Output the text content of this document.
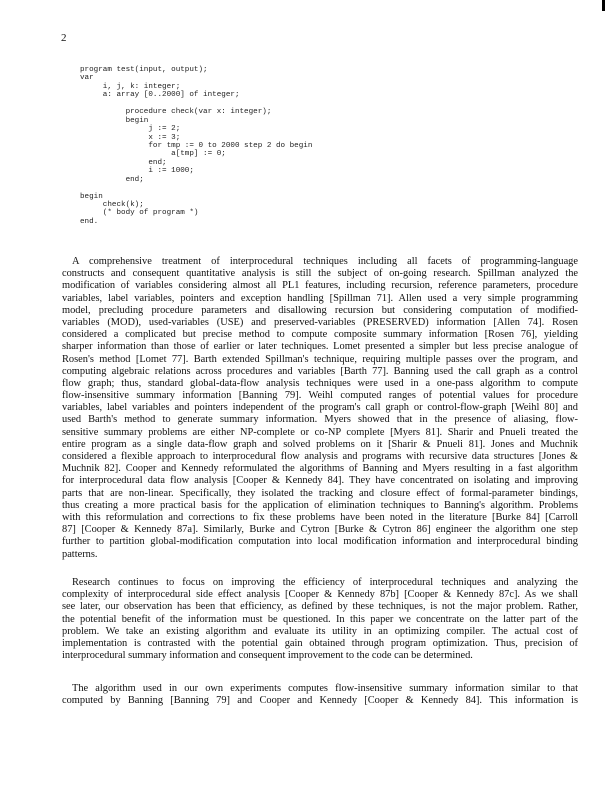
2
program test(input, output);
var
i, j, k: integer;
a: array [0..2000] of integer;
procedure check(var x: integer);
begin
j := 2;
x := 3;
for tmp := 0 to 2000 step 2 do begin
a[tmp] := 0;
end;
i := 1000;
end;
begin
check(k);
(* body of program *)
end.
A comprehensive treatment of interprocedural techniques including all facets of programming-language
constructs and consequent quantitative analysis is still the subject of on-going research. Spillman analyzed the
modification of variables considering almost all PL1 features, including recursion, reference parameters, procedure
variables, label variables, pointers and exception handling [Spillman 71]. Allen used a very simple programming
model, precluding procedure parameters and disallowing recursion but considering computation of modified-
variables (MOD), used-variables (USE) and preserved-variables (PRESERVED) information [Allen 74]. Rosen
considered a complicated but precise method to compute composite summary information [Rosen 76], yielding
sharper information than those of earlier or later techniques. Lomet presented a simpler but less precise analogue of
Rosen's method [Lomet 77]. Barth extended Spillman's technique, requiring multiple passes over the program, and
computing algebraic relations across procedures and variables [Barth 77]. Banning used the call graph as a control
flow graph; thus, standard global-data-flow analysis techniques were used in a one-pass algorithm to compute
flow-insensitive summary information [Banning 79]. Weihl computed ranges of potential values for procedure
variables, label variables and pointers independent of the program's call graph or control-flow-graph [Weihl 80] and
used Barth's method to generate summary information. Myers showed that in the presence of aliasing, flow-
sensitive summary problems are either NP-complete or co-NP complete [Myers 81]. Sharir and Pnueli treated the
entire program as a single data-flow graph and solved problems on it [Sharir & Pnueli 81]. Jones and Muchnik
considered a flexible approach to interprocedural flow analysis and programs with recursive data structures [Jones &
Muchnik 82]. Cooper and Kennedy reformulated the algorithms of Banning and Myers resulting in a fast algorithm
for interprocedural data flow analysis [Cooper & Kennedy 84]. They have concentrated on isolating and improving
parts that are non-linear. Specifically, they isolated the tracking and closure effect of formal-parameter bindings,
thus creating a more practical basis for the application of elimination techniques to Banning's algorithm. Problems
with this reformulation and corrections to fix these problems have been noted in the literature [Burke 84] [Carroll
87] [Cooper & Kennedy 87a]. Similarly, Burke and Cytron [Burke & Cytron 86] engineer the algorithm one step
further to partition global-modification computation into local modification information and interprocedural binding
patterns.
Research continues to focus on improving the efficiency of interprocedural techniques and analyzing the
complexity of interprocedural side effect analysis [Cooper & Kennedy 87b] [Cooper & Kennedy 87c]. As we shall
see later, our observation has been that efficiency, as defined by these techniques, is not the major problem. Rather,
the potential benefit of the information must be questioned. In this paper we concentrate on the latter part of the
problem. We take an existing algorithm and evaluate its utility in an optimizing compiler. The actual cost of
implementation is contrasted with the potential gain obtained through program optimization. Thus, precision of
interprocedural summary information and consequent improvement to the code can be determined.
The algorithm used in our own experiments computes flow-insensitive summary information similar to that
computed by Banning [Banning 79] and Cooper and Kennedy [Cooper & Kennedy 84]. This information is
